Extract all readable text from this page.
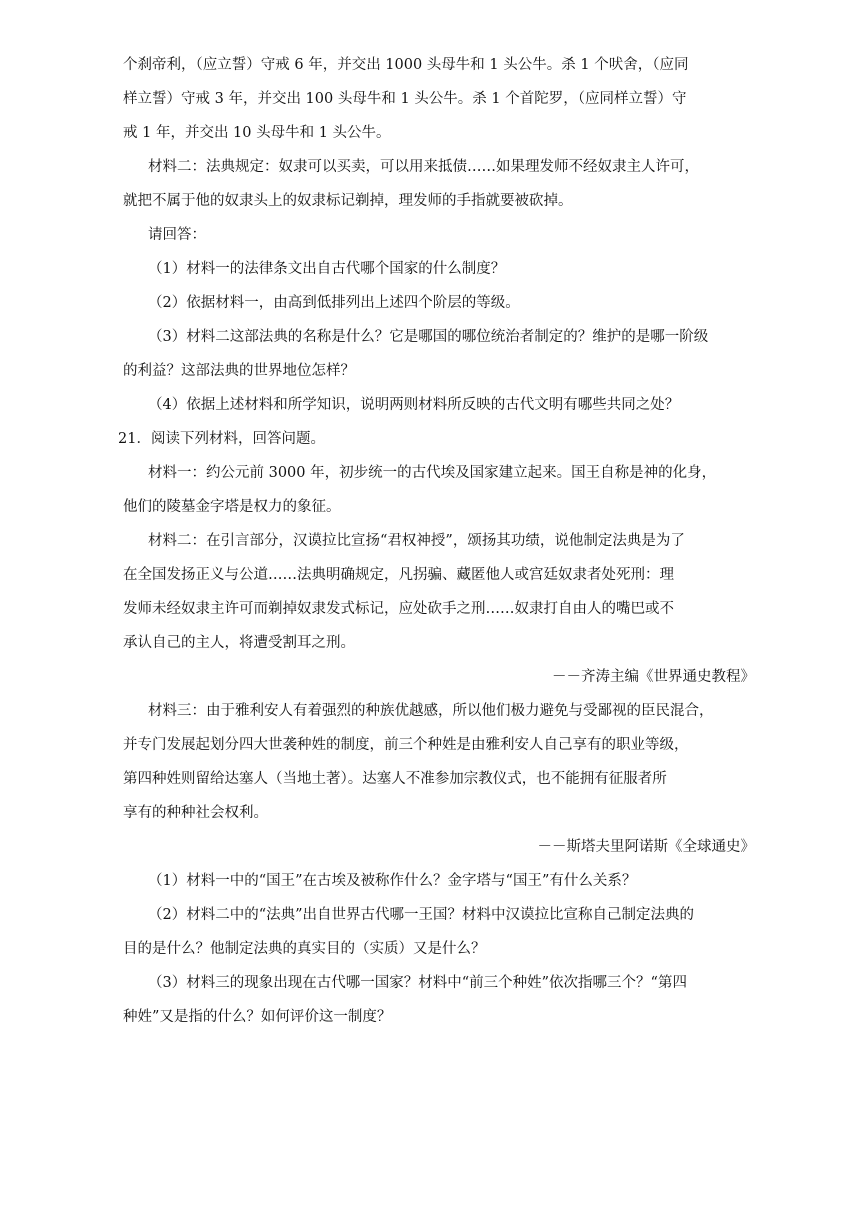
个刹帝利，（应立誓）守戒 6 年，并交出 1000 头母牛和 1 头公牛。杀 1 个吠舍，（应同
样立誓）守戒 3 年，并交出 100 头母牛和 1 头公牛。杀 1 个首陀罗，（应同样立誓）守
戒 1 年，并交出 10 头母牛和 1 头公牛。
材料二：法典规定：奴隶可以买卖，可以用来抵债……如果理发师不经奴隶主人许可，
就把不属于他的奴隶头上的奴隶标记剃掉，理发师的手指就要被砍掉。
请回答：
（1）材料一的法律条文出自古代哪个国家的什么制度？
（2）依据材料一，由高到低排列出上述四个阶层的等级。
（3）材料二这部法典的名称是什么？它是哪国的哪位统治者制定的？维护的是哪一阶级
的利益？这部法典的世界地位怎样？
（4）依据上述材料和所学知识，说明两则材料所反映的古代文明有哪些共同之处？
21．阅读下列材料，回答问题。
材料一：约公元前 3000 年，初步统一的古代埃及国家建立起来。国王自称是神的化身，
他们的陵墓金字塔是权力的象征。
材料二：在引言部分，汉谟拉比宣扬“君权神授”，颂扬其功绩，说他制定法典是为了
在全国发扬正义与公道……法典明确规定，凡拐骗、藏匿他人或宫廷奴隶者处死刑：理
发师未经奴隶主许可而剃掉奴隶发式标记，应处砍手之刑……奴隶打自由人的嘴巴或不
承认自己的主人，将遭受割耳之刑。
－－齐涛主编《世界通史教程》
材料三：由于雅利安人有着强烈的种族优越感，所以他们极力避免与受鄙视的臣民混合，
并专门发展起划分四大世袭种姓的制度，前三个种姓是由雅利安人自己享有的职业等级，
第四种姓则留给达塞人（当地土著）。达塞人不准参加宗教仪式，也不能拥有征服者所
享有的种种社会权利。
－－斯塔夫里阿诺斯《全球通史》
（1）材料一中的“国王”在古埃及被称作什么？金字塔与“国王”有什么关系？
（2）材料二中的“法典”出自世界古代哪一王国？材料中汉谟拉比宣称自己制定法典的
目的是什么？他制定法典的真实目的（实质）又是什么？
（3）材料三的现象出现在古代哪一国家？材料中“前三个种姓”依次指哪三个？“第四
种姓”又是指的什么？如何评价这一制度？
